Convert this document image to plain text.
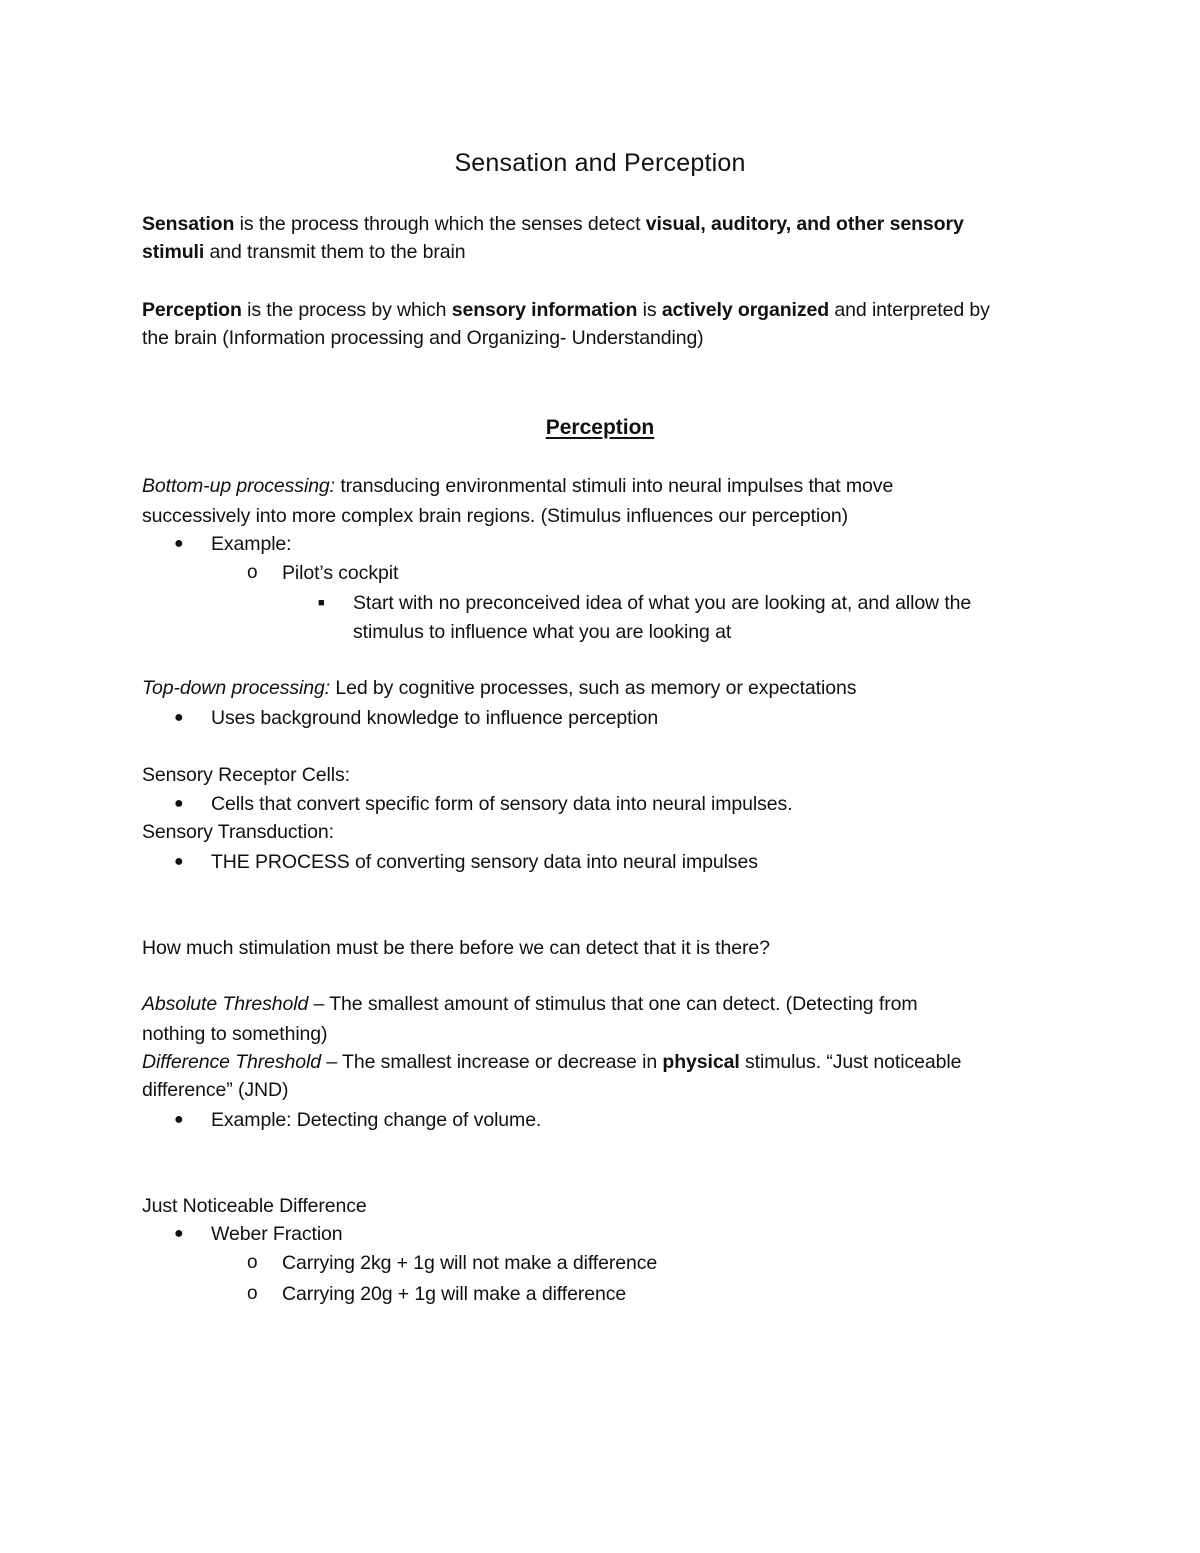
Sensation and Perception
Sensation is the process through which the senses detect visual, auditory, and other sensory
stimuli and transmit them to the brain
Perception is the process by which sensory information is actively organized and interpreted by
the brain (Information processing and Organizing- Understanding)
Perception
Bottom-up processing: transducing environmental stimuli into neural impulses that move
successively into more complex brain regions. (Stimulus influences our perception)
● Example:
o Pilot’s cockpit
■ Start with no preconceived idea of what you are looking at, and allow the
stimulus to influence what you are looking at
Top-down processing: Led by cognitive processes, such as memory or expectations
● Uses background knowledge to influence perception
Sensory Receptor Cells:
● Cells that convert specific form of sensory data into neural impulses.
Sensory Transduction:
● THE PROCESS of converting sensory data into neural impulses
How much stimulation must be there before we can detect that it is there?
Absolute Threshold – The smallest amount of stimulus that one can detect. (Detecting from
nothing to something)
Difference Threshold – The smallest increase or decrease in physical stimulus. “Just noticeable
difference” (JND)
● Example: Detecting change of volume.
Just Noticeable Difference
● Weber Fraction
o Carrying 2kg + 1g will not make a difference
o Carrying 20g + 1g will make a difference
